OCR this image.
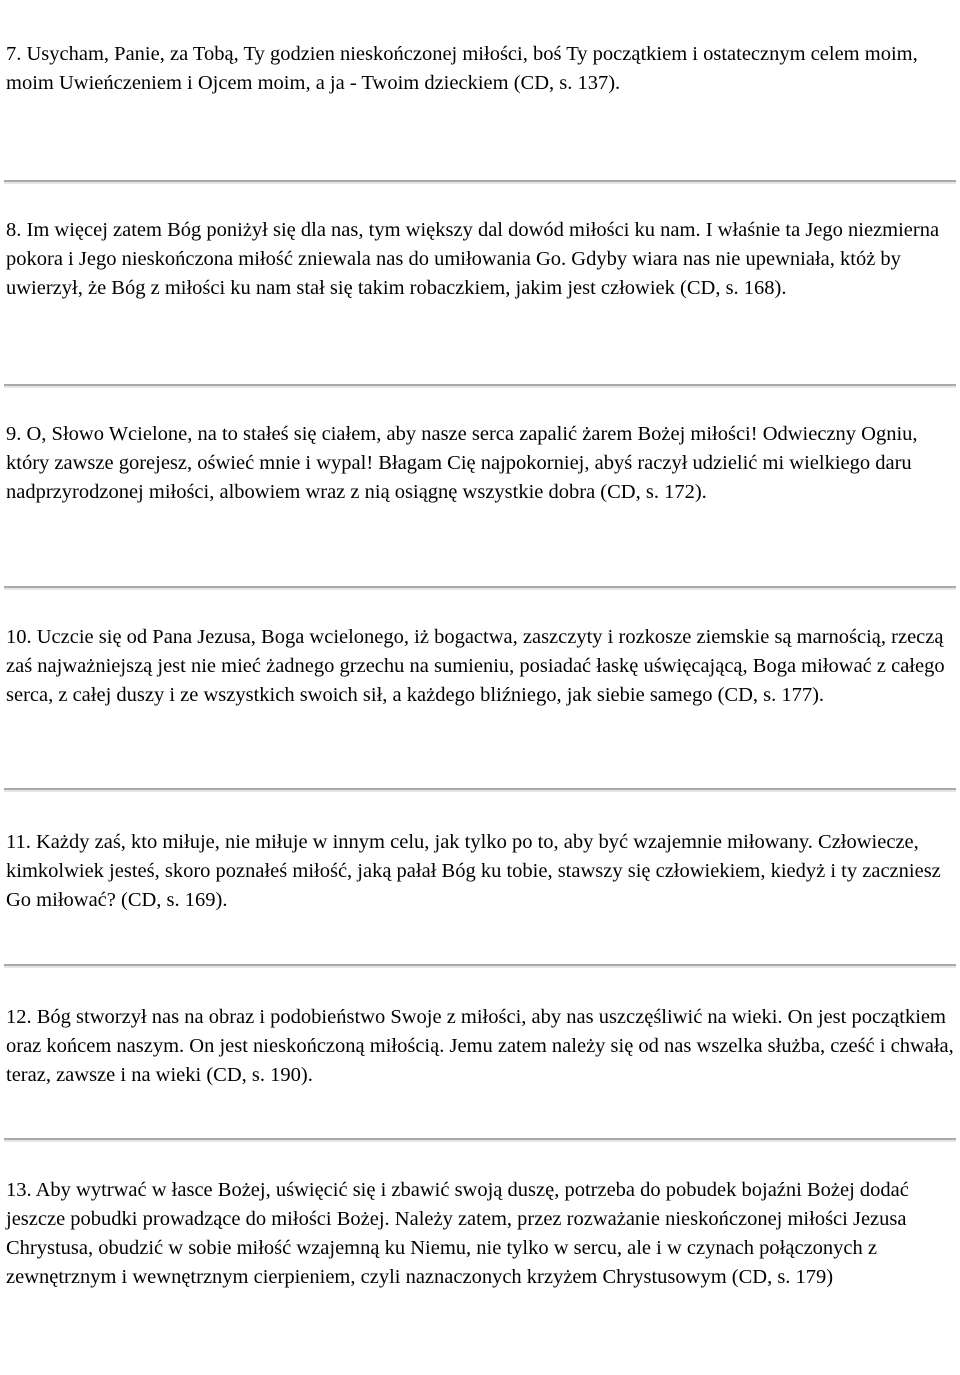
7. Usycham, Panie, za Tobą, Ty godzien nieskończonej miłości, boś Ty początkiem i ostatecznym celem moim, moim Uwieńczeniem i Ojcem moim, a ja - Twoim dzieckiem (CD, s. 137).

8. Im więcej zatem Bóg poniżył się dla nas, tym większy dal dowód miłości ku nam. I właśnie ta Jego niezmierna pokora i Jego nieskończona miłość zniewala nas do umiłowania Go. Gdyby wiara nas nie upewniała, któż by uwierzył, że Bóg z miłości ku nam stał się takim robaczkiem, jakim jest człowiek (CD, s. 168).

9. O, Słowo Wcielone, na to stałeś się ciałem, aby nasze serca zapalić żarem Bożej miłości! Odwieczny Ogniu, który zawsze gorejesz, oświeć mnie i wypal! Błagam Cię najpokorniej, abyś raczył udzielić mi wielkiego daru nadprzyrodzonej miłości, albowiem wraz z nią osiągnę wszystkie dobra (CD, s. 172).

10. Uczcie się od Pana Jezusa, Boga wcielonego, iż bogactwa, zaszczyty i rozkosze ziemskie są marnością, rzeczą zaś najważniejszą jest nie mieć żadnego grzechu na sumieniu, posiadać łaskę uświęcającą, Boga miłować z całego serca, z całej duszy i ze wszystkich swoich sił, a każdego bliźniego, jak siebie samego (CD, s. 177).

11. Każdy zaś, kto miłuje, nie miłuje w innym celu, jak tylko po to, aby być wzajemnie miłowany. Człowiecze, kimkolwiek jesteś, skoro poznałeś miłość, jaką pałał Bóg ku tobie, stawszy się człowiekiem, kiedyż i ty zaczniesz Go miłować? (CD, s. 169).

12. Bóg stworzył nas na obraz i podobieństwo Swoje z miłości, aby nas uszczęśliwić na wieki. On jest początkiem oraz końcem naszym. On jest nieskończoną miłością. Jemu zatem należy się od nas wszelka służba, cześć i chwała, teraz, zawsze i na wieki (CD, s. 190).

13. Aby wytrwać w łasce Bożej, uświęcić się i zbawić swoją duszę, potrzeba do pobudek bojaźni Bożej dodać jeszcze pobudki prowadzące do miłości Bożej. Należy zatem, przez rozważanie nieskończonej miłości Jezusa Chrystusa, obudzić w sobie miłość wzajemną ku Niemu, nie tylko w sercu, ale i w czynach połączonych z zewnętrznym i wewnętrznym cierpieniem, czyli naznaczonych krzyżem Chrystusowym (CD, s. 179)
